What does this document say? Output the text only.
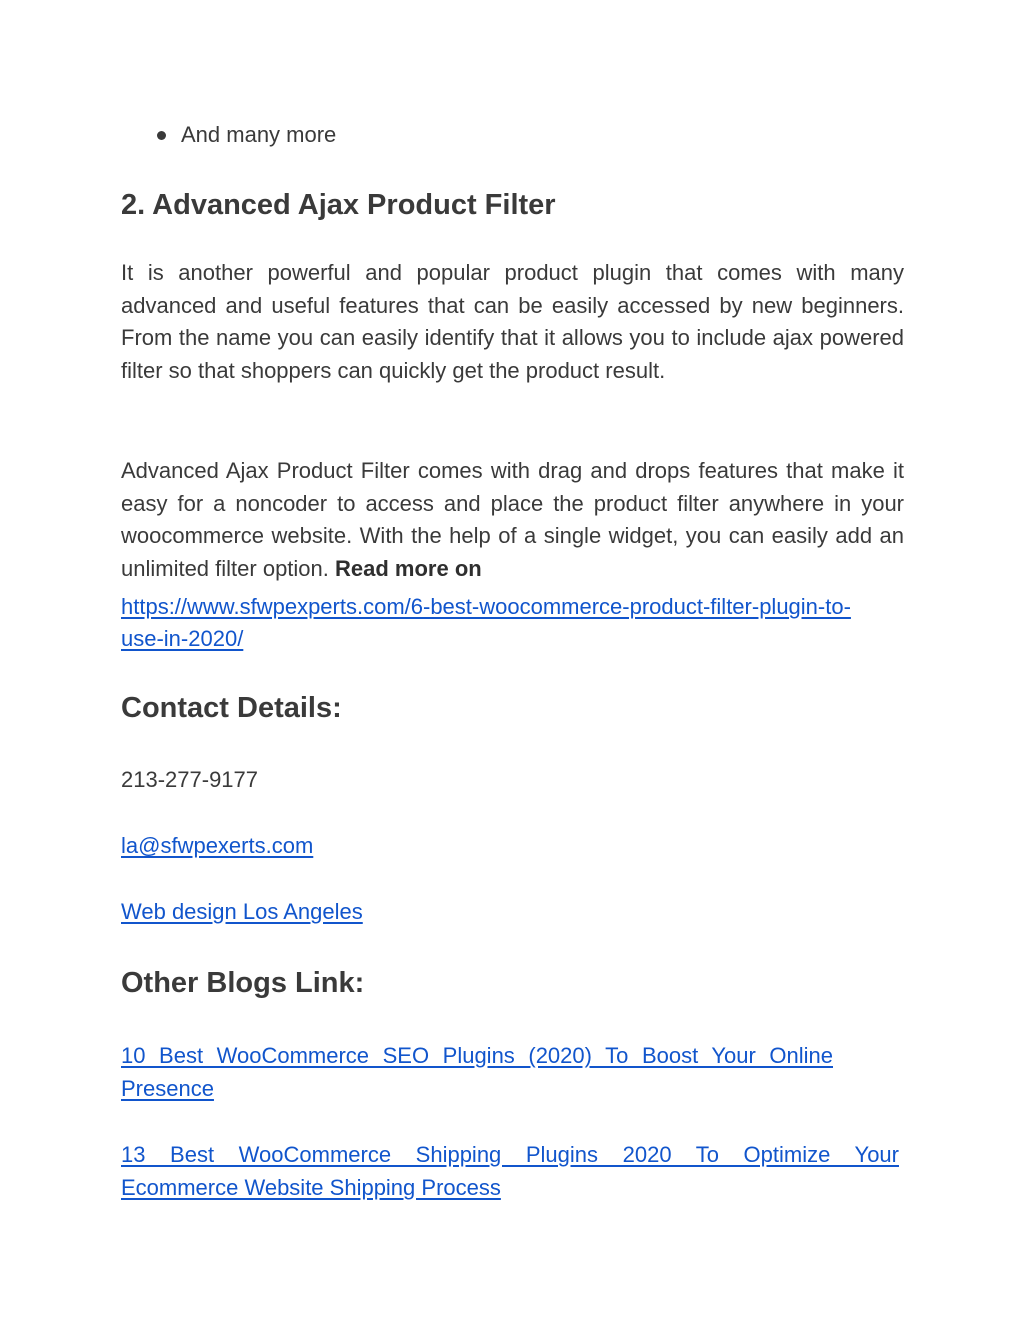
And many more
2. Advanced Ajax Product Filter

It is another powerful and popular product plugin that comes with many advanced and useful features that can be easily accessed by new beginners. From the name you can easily identify that it allows you to include ajax powered filter so that shoppers can quickly get the product result.

Advanced Ajax Product Filter comes with drag and drops features that make it easy for a noncoder to access and place the product filter anywhere in your woocommerce website. With the help of a single widget, you can easily add an unlimited filter option. Read more on

https://www.sfwpexperts.com/6-best-woocommerce-product-filter-plugin-to-
use-in-2020/
Contact Details:

213-277-9177

la@sfwpexerts.com
Web design Los Angeles
Other Blogs Link:
10 Best WooCommerce SEO Plugins (2020) To Boost Your Online
Presence
13 Best WooCommerce Shipping Plugins 2020 To Optimize Your
Ecommerce Website Shipping Process
